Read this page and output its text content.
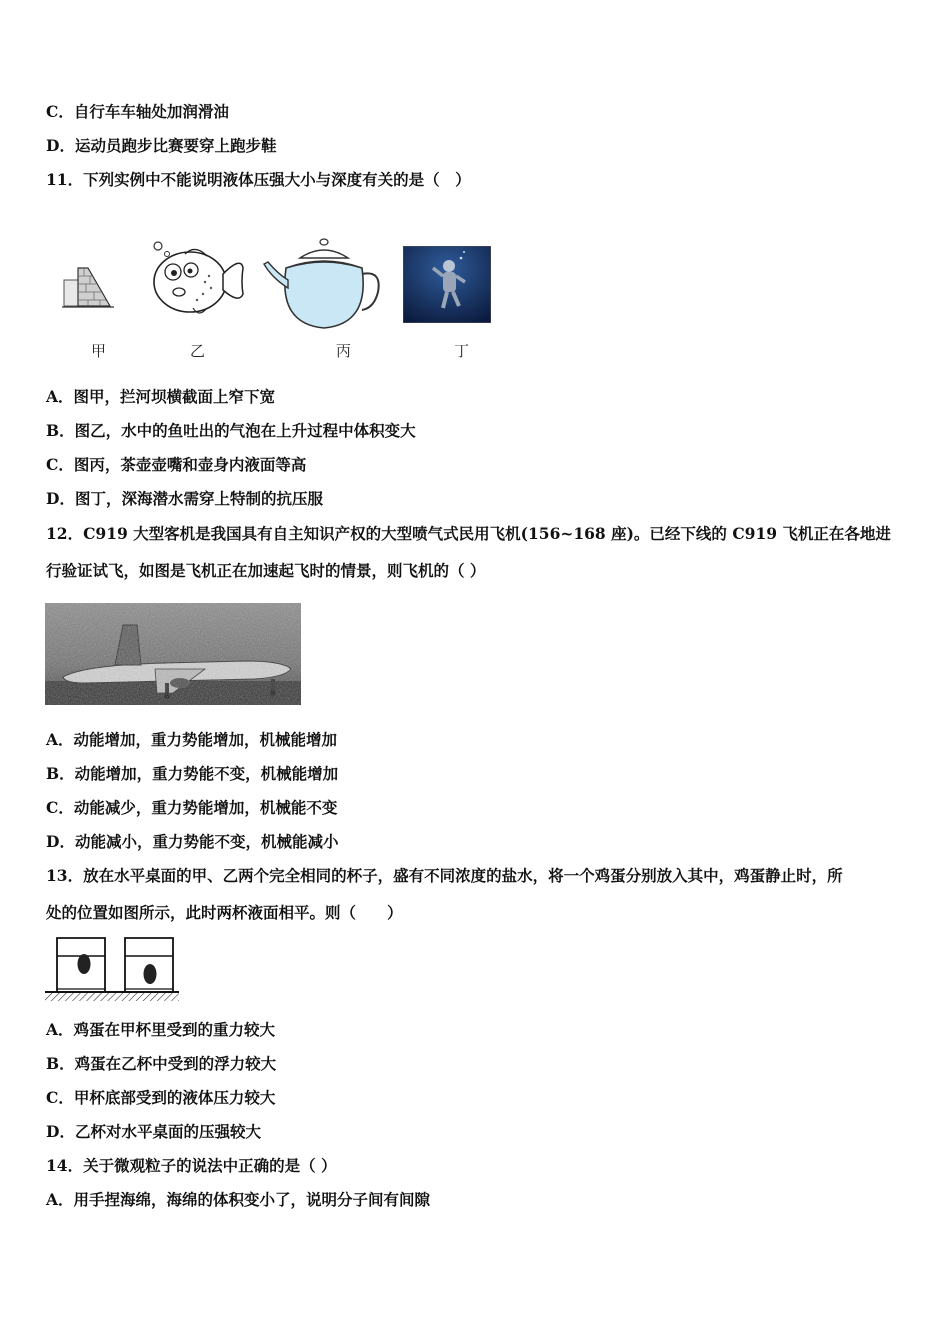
C．自行车车轴处加润滑油
D．运动员跑步比赛要穿上跑步鞋
11．下列实例中不能说明液体压强大小与深度有关的是（　）
甲	乙	丙	丁
A．图甲，拦河坝横截面上窄下宽
B．图乙，水中的鱼吐出的气泡在上升过程中体积变大
C．图丙，茶壶壶嘴和壶身内液面等高
D．图丁，深海潜水需穿上特制的抗压服
12．C919 大型客机是我国具有自主知识产权的大型喷气式民用飞机(156~168 座)。已经下线的 C919 飞机正在各地进
行验证试飞，如图是飞机正在加速起飞时的情景，则飞机的（ ）
A．动能增加，重力势能增加，机械能增加
B．动能增加，重力势能不变，机械能增加
C．动能减少，重力势能增加，机械能不变
D．动能减小，重力势能不变，机械能减小
13．放在水平桌面的甲、乙两个完全相同的杯子，盛有不同浓度的盐水，将一个鸡蛋分别放入其中，鸡蛋静止时，所
处的位置如图所示，此时两杯液面相平。则（　　）
A．鸡蛋在甲杯里受到的重力较大
B．鸡蛋在乙杯中受到的浮力较大
C．甲杯底部受到的液体压力较大
D．乙杯对水平桌面的压强较大
14．关于微观粒子的说法中正确的是（ ）
A．用手捏海绵，海绵的体积变小了，说明分子间有间隙
